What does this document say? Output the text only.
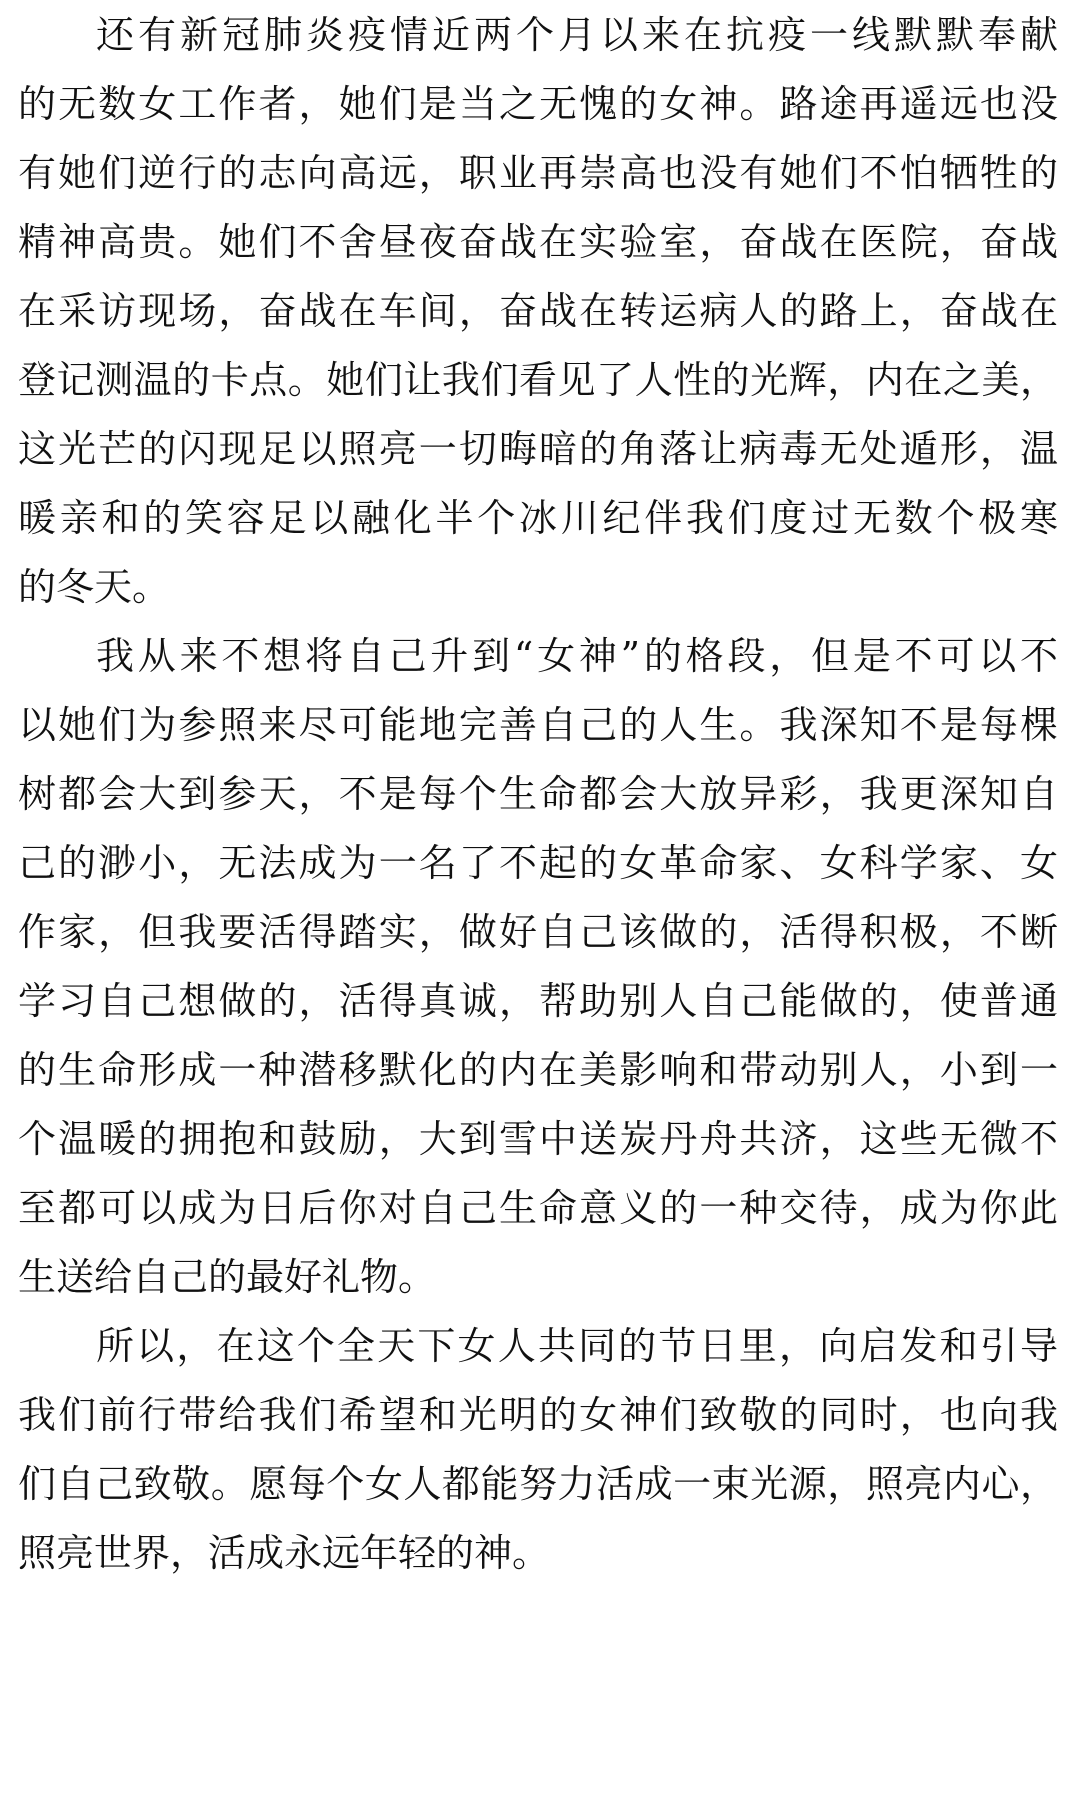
还有新冠肺炎疫情近两个月以来在抗疫一线默默奉献
的无数女工作者，她们是当之无愧的女神。路途再遥远也没
有她们逆行的志向高远，职业再崇高也没有她们不怕牺牲的
精神高贵。她们不舍昼夜奋战在实验室，奋战在医院，奋战
在采访现场，奋战在车间，奋战在转运病人的路上，奋战在
登记测温的卡点。她们让我们看见了人性的光辉，内在之美，
这光芒的闪现足以照亮一切晦暗的角落让病毒无处遁形，温
暖亲和的笑容足以融化半个冰川纪伴我们度过无数个极寒
的冬天。
我从来不想将自己升到“女神”的格段，但是不可以不
以她们为参照来尽可能地完善自己的人生。我深知不是每棵
树都会大到参天，不是每个生命都会大放异彩，我更深知自
己的渺小，无法成为一名了不起的女革命家、女科学家、女
作家，但我要活得踏实，做好自己该做的，活得积极，不断
学习自己想做的，活得真诚，帮助别人自己能做的，使普通
的生命形成一种潜移默化的内在美影响和带动别人，小到一
个温暖的拥抱和鼓励，大到雪中送炭丹舟共济，这些无微不
至都可以成为日后你对自己生命意义的一种交待，成为你此
生送给自己的最好礼物。
所以，在这个全天下女人共同的节日里，向启发和引导
我们前行带给我们希望和光明的女神们致敬的同时，也向我
们自己致敬。愿每个女人都能努力活成一束光源，照亮内心，
照亮世界，活成永远年轻的神。
